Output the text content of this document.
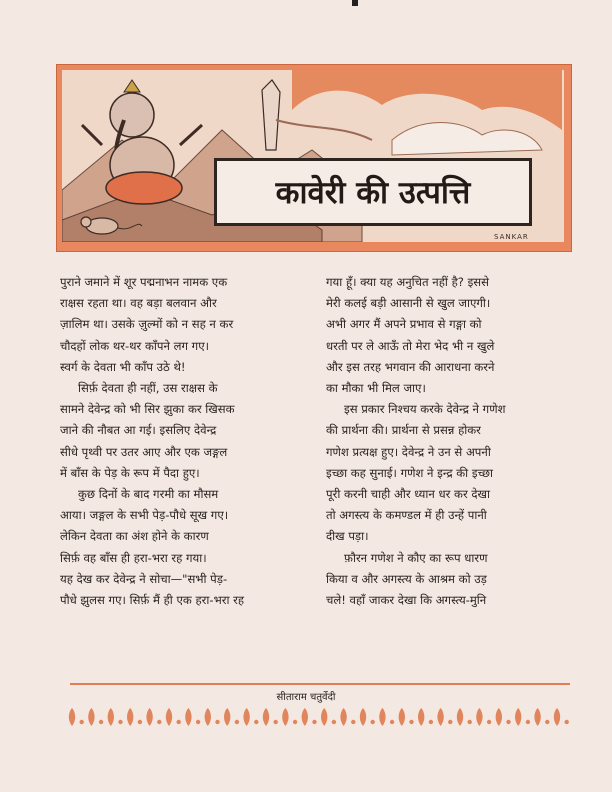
कावेरी की उत्पत्ति
SANKAR

पुराने जमाने में शूर पद्मनाभन नामक एक
राक्षस रहता था। वह बड़ा बलवान और
ज़ालिम था। उसके ज़ुल्मों को न सह न कर
चौदहों लोक थर-थर काँपने लग गए।
स्वर्ग के देवता भी काँप उठे थे!

सिर्फ़ देवता ही नहीं, उस राक्षस के

सामने देवेन्द्र को भी सिर झुका कर खिसक
जाने की नौबत आ गई। इसलिए देवेन्द्र
सीधे पृथ्वी पर उतर आए और एक जङ्गल
में बाँस के पेड़ के रूप में पैदा हुए।

कुछ दिनों के बाद गरमी का मौसम

आया। जङ्गल के सभी पेड़-पौधे सूख गए।
लेकिन देवता का अंश होने के कारण
सिर्फ़ वह बाँस ही हरा-भरा रह गया।
यह देख कर देवेन्द्र ने सोचा—"सभी पेड़-
पौधे झुलस गए। सिर्फ़ मैं ही एक हरा-भरा रह

गया हूँ। क्या यह अनुचित नहीं है? इससे
मेरी कलई बड़ी आसानी से खुल जाएगी।
अभी अगर मैं अपने प्रभाव से गङ्गा को
धरती पर ले आऊँ तो मेरा भेद भी न खुले
और इस तरह भगवान की आराधना करने
का मौका भी मिल जाए।

इस प्रकार निश्चय करके देवेन्द्र ने गणेश

की प्रार्थना की। प्रार्थना से प्रसन्न होकर
गणेश प्रत्यक्ष हुए। देवेन्द्र ने उन से अपनी
इच्छा कह सुनाई। गणेश ने इन्द्र की इच्छा
पूरी करनी चाही और ध्यान धर कर देखा
तो अगस्त्य के कमण्डल में ही उन्हें पानी
दीख पड़ा।

फ़ौरन गणेश ने कौए का रूप धारण

किया व और अगस्त्य के आश्रम को उड़
चले! वहाँ जाकर देखा कि अगस्त्य-मुनि

सीताराम चतुर्वेदी
